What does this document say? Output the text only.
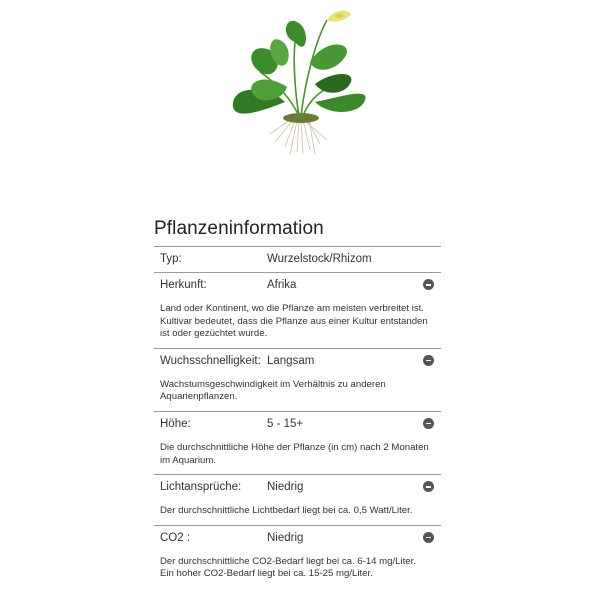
Pflanzeninformation
Typ:	Wurzelstock/Rhizom
Herkunft:	Afrika
Land oder Kontinent, wo die Pflanze am meisten verbreitet ist. Kultivar bedeutet, dass die Pflanze aus einer Kultur entstanden ist oder gezüchtet wurde.
Wuchsschnelligkeit: Langsam
Wachstumsgeschwindigkeit im Verhältnis zu anderen Aquarienpflanzen.
Höhe:	5 - 15+
Die durchschnittliche Höhe der Pflanze (in cm) nach 2 Monaten im Aquarium.
Lichtansprüche: Niedrig
Der durchschnittliche Lichtbedarf liegt bei ca. 0,5 Watt/Liter.
CO2 :	Niedrig
Der durchschnittliche CO2-Bedarf liegt bei ca. 6-14 mg/Liter. Ein hoher CO2-Bedarf liegt bei ca. 15-25 mg/Liter.
